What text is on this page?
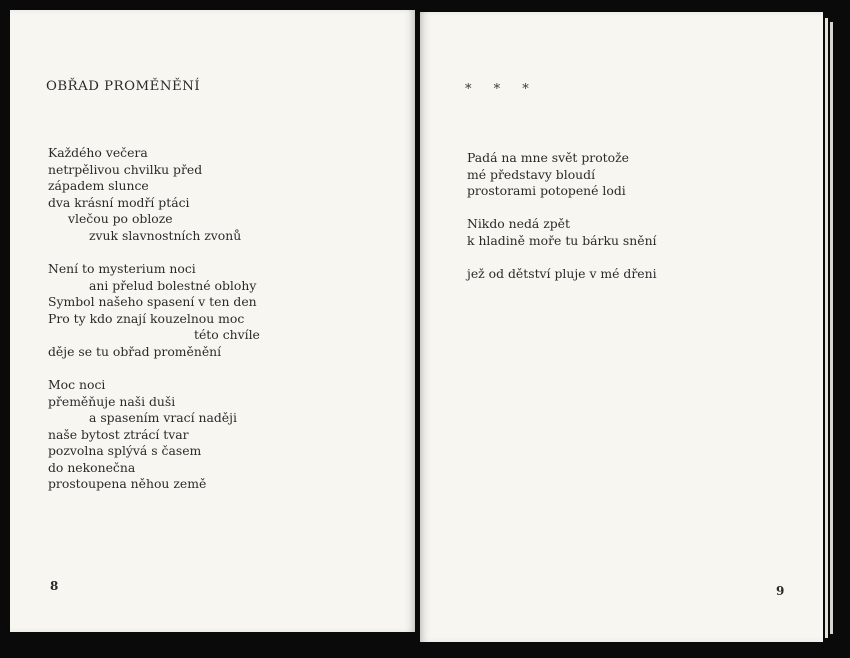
OBŘAD PROMĚNĚNÍ
Každého večera
netrpělivou chvilku před
západem slunce
dva krásní modří ptáci
vlečou po obloze
zvuk slavnostních zvonů
Není to mysterium noci
ani přelud bolestné oblohy
Symbol našeho spasení v ten den
Pro ty kdo znají kouzelnou moc
této chvíle
děje se tu obřad proměnění
Moc noci
přeměňuje naši duši
a spasením vrací naději
naše bytost ztrácí tvar
pozvolna splývá s časem
do nekonečna
prostoupena něhou země
8
* * *
Padá na mne svět protože
mé představy bloudí
prostorami potopené lodi
Nikdo nedá zpět
k hladině moře tu bárku snění
jež od dětství pluje v mé dřeni
9
